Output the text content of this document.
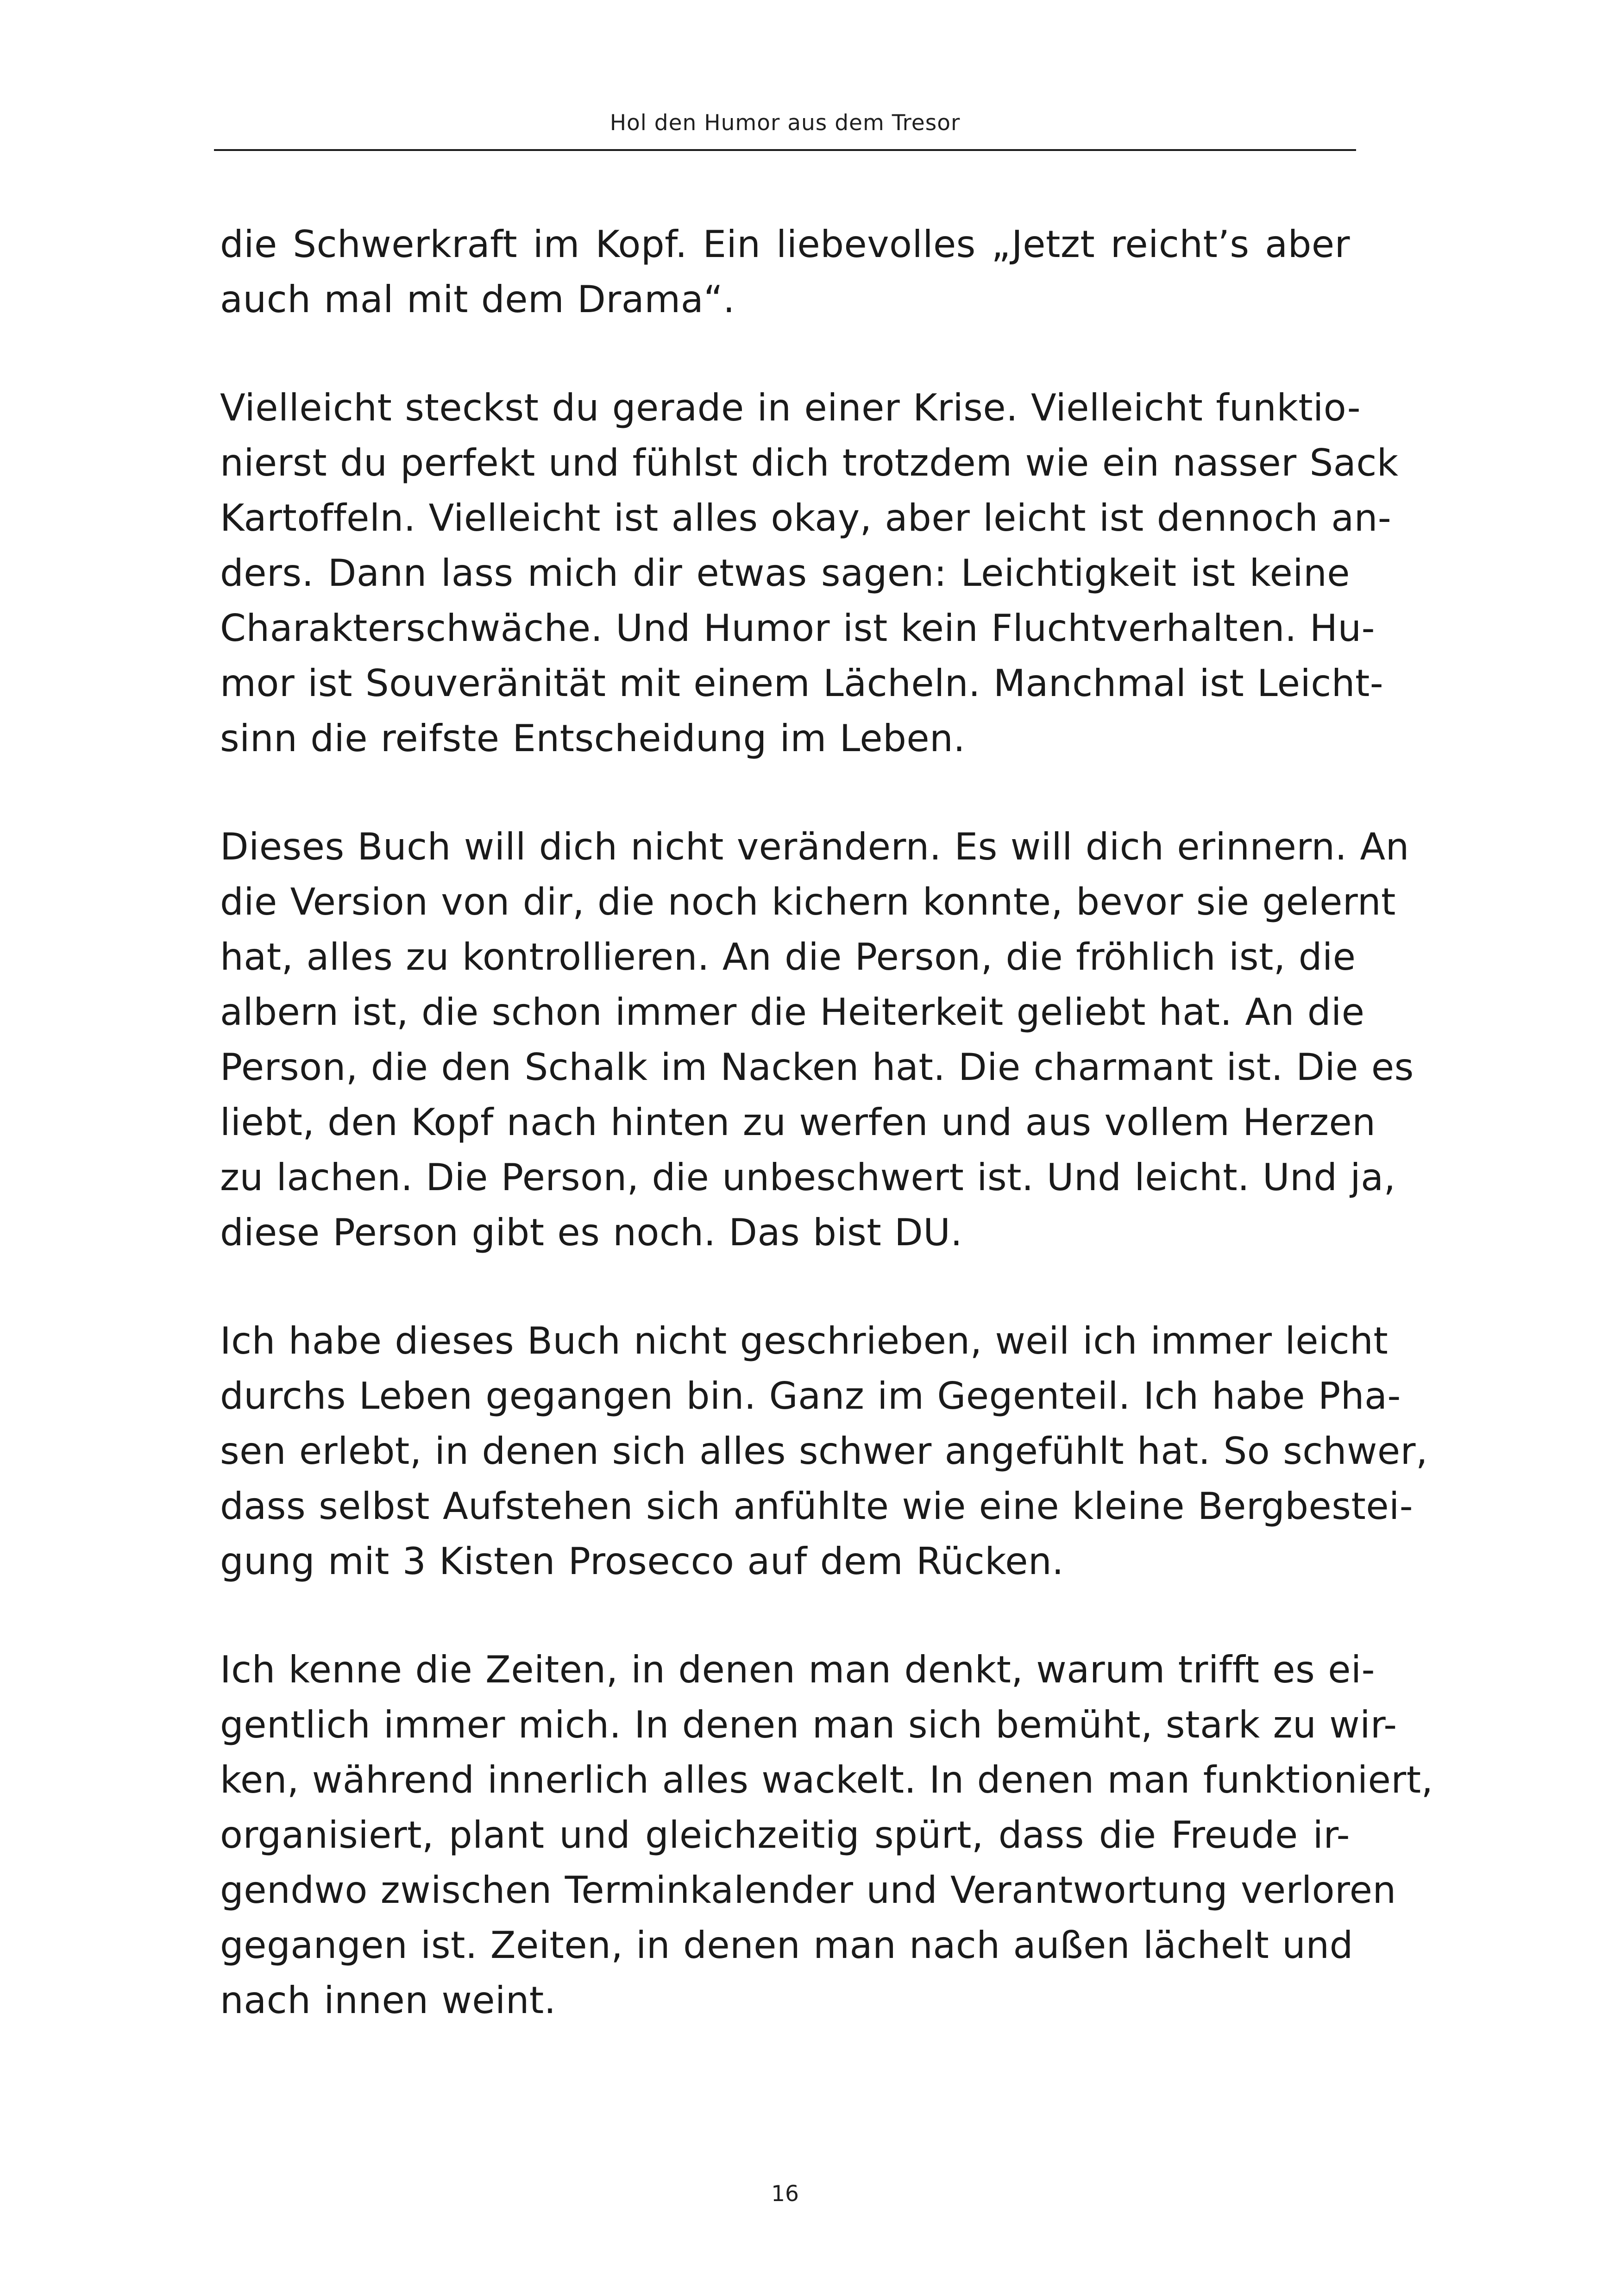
Hol den Humor aus dem Tresor

die Schwerkraft im Kopf. Ein liebevolles „Jetzt reicht’s aber
auch mal mit dem Drama“.

Vielleicht steckst du gerade in einer Krise. Vielleicht funktio-
nierst du perfekt und fühlst dich trotzdem wie ein nasser Sack
Kartoffeln. Vielleicht ist alles okay, aber leicht ist dennoch an-
ders. Dann lass mich dir etwas sagen: Leichtigkeit ist keine
Charakterschwäche. Und Humor ist kein Fluchtverhalten. Hu-
mor ist Souveränität mit einem Lächeln. Manchmal ist Leicht-
sinn die reifste Entscheidung im Leben.

Dieses Buch will dich nicht verändern. Es will dich erinnern. An
die Version von dir, die noch kichern konnte, bevor sie gelernt
hat, alles zu kontrollieren. An die Person, die fröhlich ist, die
albern ist, die schon immer die Heiterkeit geliebt hat. An die
Person, die den Schalk im Nacken hat. Die charmant ist. Die es
liebt, den Kopf nach hinten zu werfen und aus vollem Herzen
zu lachen. Die Person, die unbeschwert ist. Und leicht. Und ja,
diese Person gibt es noch. Das bist DU.

Ich habe dieses Buch nicht geschrieben, weil ich immer leicht
durchs Leben gegangen bin. Ganz im Gegenteil. Ich habe Pha-
sen erlebt, in denen sich alles schwer angefühlt hat. So schwer,
dass selbst Aufstehen sich anfühlte wie eine kleine Bergbestei-
gung mit 3 Kisten Prosecco auf dem Rücken.

Ich kenne die Zeiten, in denen man denkt, warum trifft es ei-
gentlich immer mich. In denen man sich bemüht, stark zu wir-
ken, während innerlich alles wackelt. In denen man funktioniert,
organisiert, plant und gleichzeitig spürt, dass die Freude ir-
gendwo zwischen Terminkalender und Verantwortung verloren
gegangen ist. Zeiten, in denen man nach außen lächelt und
nach innen weint.

16
